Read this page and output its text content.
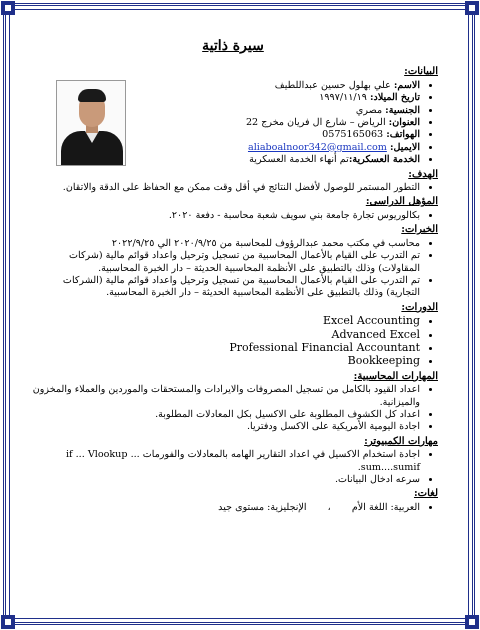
سيرة ذاتية
البيانات:
• الاسم: علي بهلول حسين عبداللطيف
• تاريخ الميلاد: ١٩٩٧/١١/١٩
• الجنسية: مصري
• العنوان: الرياض – شارع ال فريان مخرج 22
• الهواتف: 0575165063
• الايميل: aliaboalnoor342@gmail.com
• الخدمة العسكرية:تم أنهاء الخدمة العسكرية
الهدف:
• التطور المستمر للوصول لأفضل النتائج في أقل وقت ممكن مع الحفاظ على الدقة والاتقان.
المؤهل الدراسى:
• بكالوريوس تجارة جامعة بني سويف شعبة محاسبة - دفعة ٢٠٢٠.
الخبرات:
• محاسب في مكتب محمد عبدالرؤوف للمحاسبة من ٢٠٢٠/٩/٢٥ الي ٢٠٢٢/٩/٢٥
• تم التدرب على القيام بالأعمال المحاسبية من تسجيل وترحيل واعداد قوائم مالية (شركات المقاولات) وذلك بالتطبيق على الأنظمة المحاسبية الحديثة – دار الخبرة المحاسبية.
• تم التدرب على القيام بالأعمال المحاسبية من تسجيل وترحيل واعداد قوائم مالية (الشركات التجارية) وذلك بالتطبيق على الأنظمة المحاسبية الحديثة – دار الخبرة المحاسبية.
الدورات:
• Excel Accounting
• Advanced Excel
• Professional Financial Accountant
• Bookkeeping
المهارات المحاسبية:
• اعداد القيود بالكامل من تسجيل المصروفات والايرادات والمستحقات والموردين والعملاء والمخزون والميزانية.
• اعداد كل الكشوف المطلوبة على الاكسيل بكل المعادلات المطلوبة.
• اجادة اليومية الأمريكية على الاكسل ودفتريا.
مهارات الكمبيوتر:
• اجادة استخدام الاكسيل في اعداد التقارير الهامه بالمعادلات والفورمات ... if ... Vlookup sum....sumif.
• سرعه ادخال البيانات.
لغات:
• العربية: اللغة الأم ، الإنجليزية: مستوى جيد
